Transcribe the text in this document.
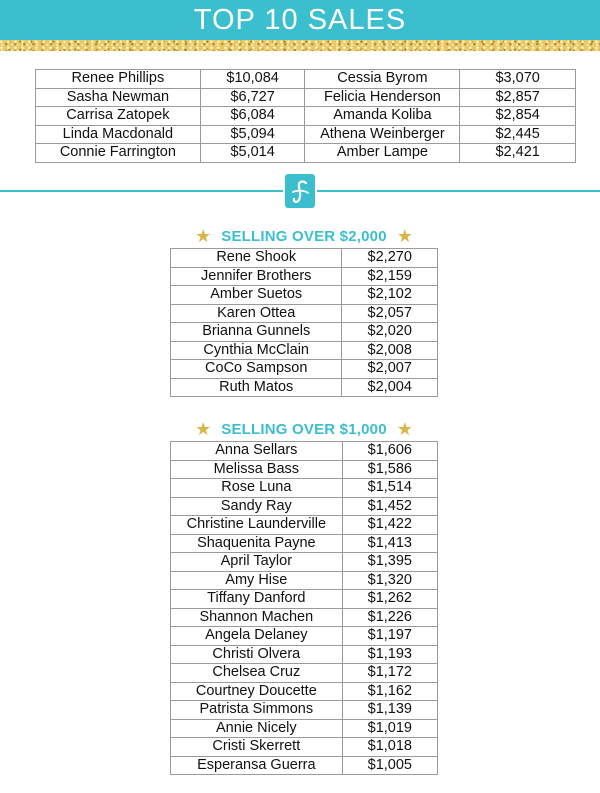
TOP 10 SALES
Renee Phillips	$10,084	Cessia Byrom	$3,070
Sasha Newman	$6,727	Felicia Henderson	$2,857
Carrisa Zatopek	$6,084	Amanda Koliba	$2,854
Linda Macdonald	$5,094	Athena Weinberger	$2,445
Connie Farrington	$5,014	Amber Lampe	$2,421
★ SELLING OVER $2,000 ★
Rene Shook	$2,270
Jennifer Brothers	$2,159
Amber Suetos	$2,102
Karen Ottea	$2,057
Brianna Gunnels	$2,020
Cynthia McClain	$2,008
CoCo Sampson	$2,007
Ruth Matos	$2,004
★ SELLING OVER $1,000 ★
Anna Sellars	$1,606
Melissa Bass	$1,586
Rose Luna	$1,514
Sandy Ray	$1,452
Christine Launderville	$1,422
Shaquenita Payne	$1,413
April Taylor	$1,395
Amy Hise	$1,320
Tiffany Danford	$1,262
Shannon Machen	$1,226
Angela Delaney	$1,197
Christi Olvera	$1,193
Chelsea Cruz	$1,172
Courtney Doucette	$1,162
Patrista Simmons	$1,139
Annie Nicely	$1,019
Cristi Skerrett	$1,018
Esperansa Guerra	$1,005
